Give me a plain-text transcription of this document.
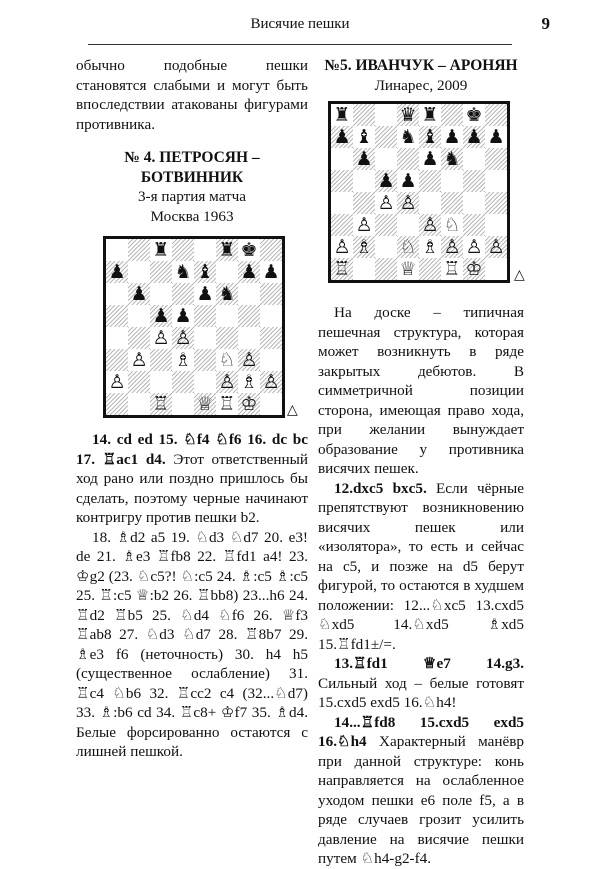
Висячие пешки	9

обычно подобные пешки становятся слабыми и могут быть впоследствии атакованы фигурами противника.

№ 4. ПЕТРОСЯН – БОТВИННИК

3-я партия матча

Москва 1963

♜	♜ ♚
♟	♞ ♝ ♟ ♟
♟	♟ ♞
♟ ♟
♙ ♙
♙ ♗ ♘ ♙
♙	♙ ♗ ♙
♖ ♕ ♖ ♔ △

14. cd ed 15. ♘f4 ♘f6 16. dc bc 17. ♖ac1 d4. Этот ответственный ход рано или поздно пришлось бы сделать, поэтому черные начинают контригру против пешки b2.

18. ♗d2 a5 19. ♘d3 ♘d7 20. e3! de 21. ♗e3 ♖fb8 22. ♖fd1 a4! 23. ♔g2 (23. ♘c5?! ♘:c5 24. ♗:c5 ♗:c5 25. ♖:c5 ♕:b2 26. ♖bb8) 23...h6 24. ♖d2 ♖b5 25. ♘d4 ♘f6 26. ♕f3 ♖ab8 27. ♘d3 ♘d7 28. ♖8b7 29. ♗e3 f6 (неточность) 30. h4 h5 (существенное ослабление) 31. ♖c4 ♘b6 32. ♖cc2 c4 (32...♘d7) 33. ♗:b6 cd 34. ♖c8+ ♔f7 35. ♗d4. Белые форсированно остаются с лишней пешкой.

№5. ИВАНЧУК – АРОНЯН

Линарес, 2009

♜	♛ ♜ ♚
♟ ♝ ♞ ♝ ♟ ♟ ♟
♟	♟ ♞
♟ ♟
♙ ♙
♙	♙ ♘
♙ ♗ ♘ ♗ ♙ ♙ ♙
♖	♕ ♖ ♔ △

На доске – типичная пешечная структура, которая может возникнуть в ряде закрытых дебютов. В симметричной позиции сторона, имеющая право хода, при желании вынуждает образование у противника висячих пешек.

12.dxc5 bxc5. Если чёрные препятствуют возникновению висячих пешек или «изолятора», то есть и сейчас на c5, и позже на d5 берут фигурой, то остаются в худшем положении: 12...♘xc5 13.cxd5 ♘xd5 14.♘xd5 ♗xd5 15.♖fd1±/=.

13.♖fd1 ♕e7 14.g3. Сильный ход – белые готовят 15.cxd5 exd5 16.♘h4!

14...♖fd8 15.cxd5 exd5 16.♘h4 Характерный манёвр при данной структуре: конь направляется на ослабленное уходом пешки e6 поле f5, а в ряде случаев грозит усилить давление на висячие пешки путем ♘h4-g2-f4.
